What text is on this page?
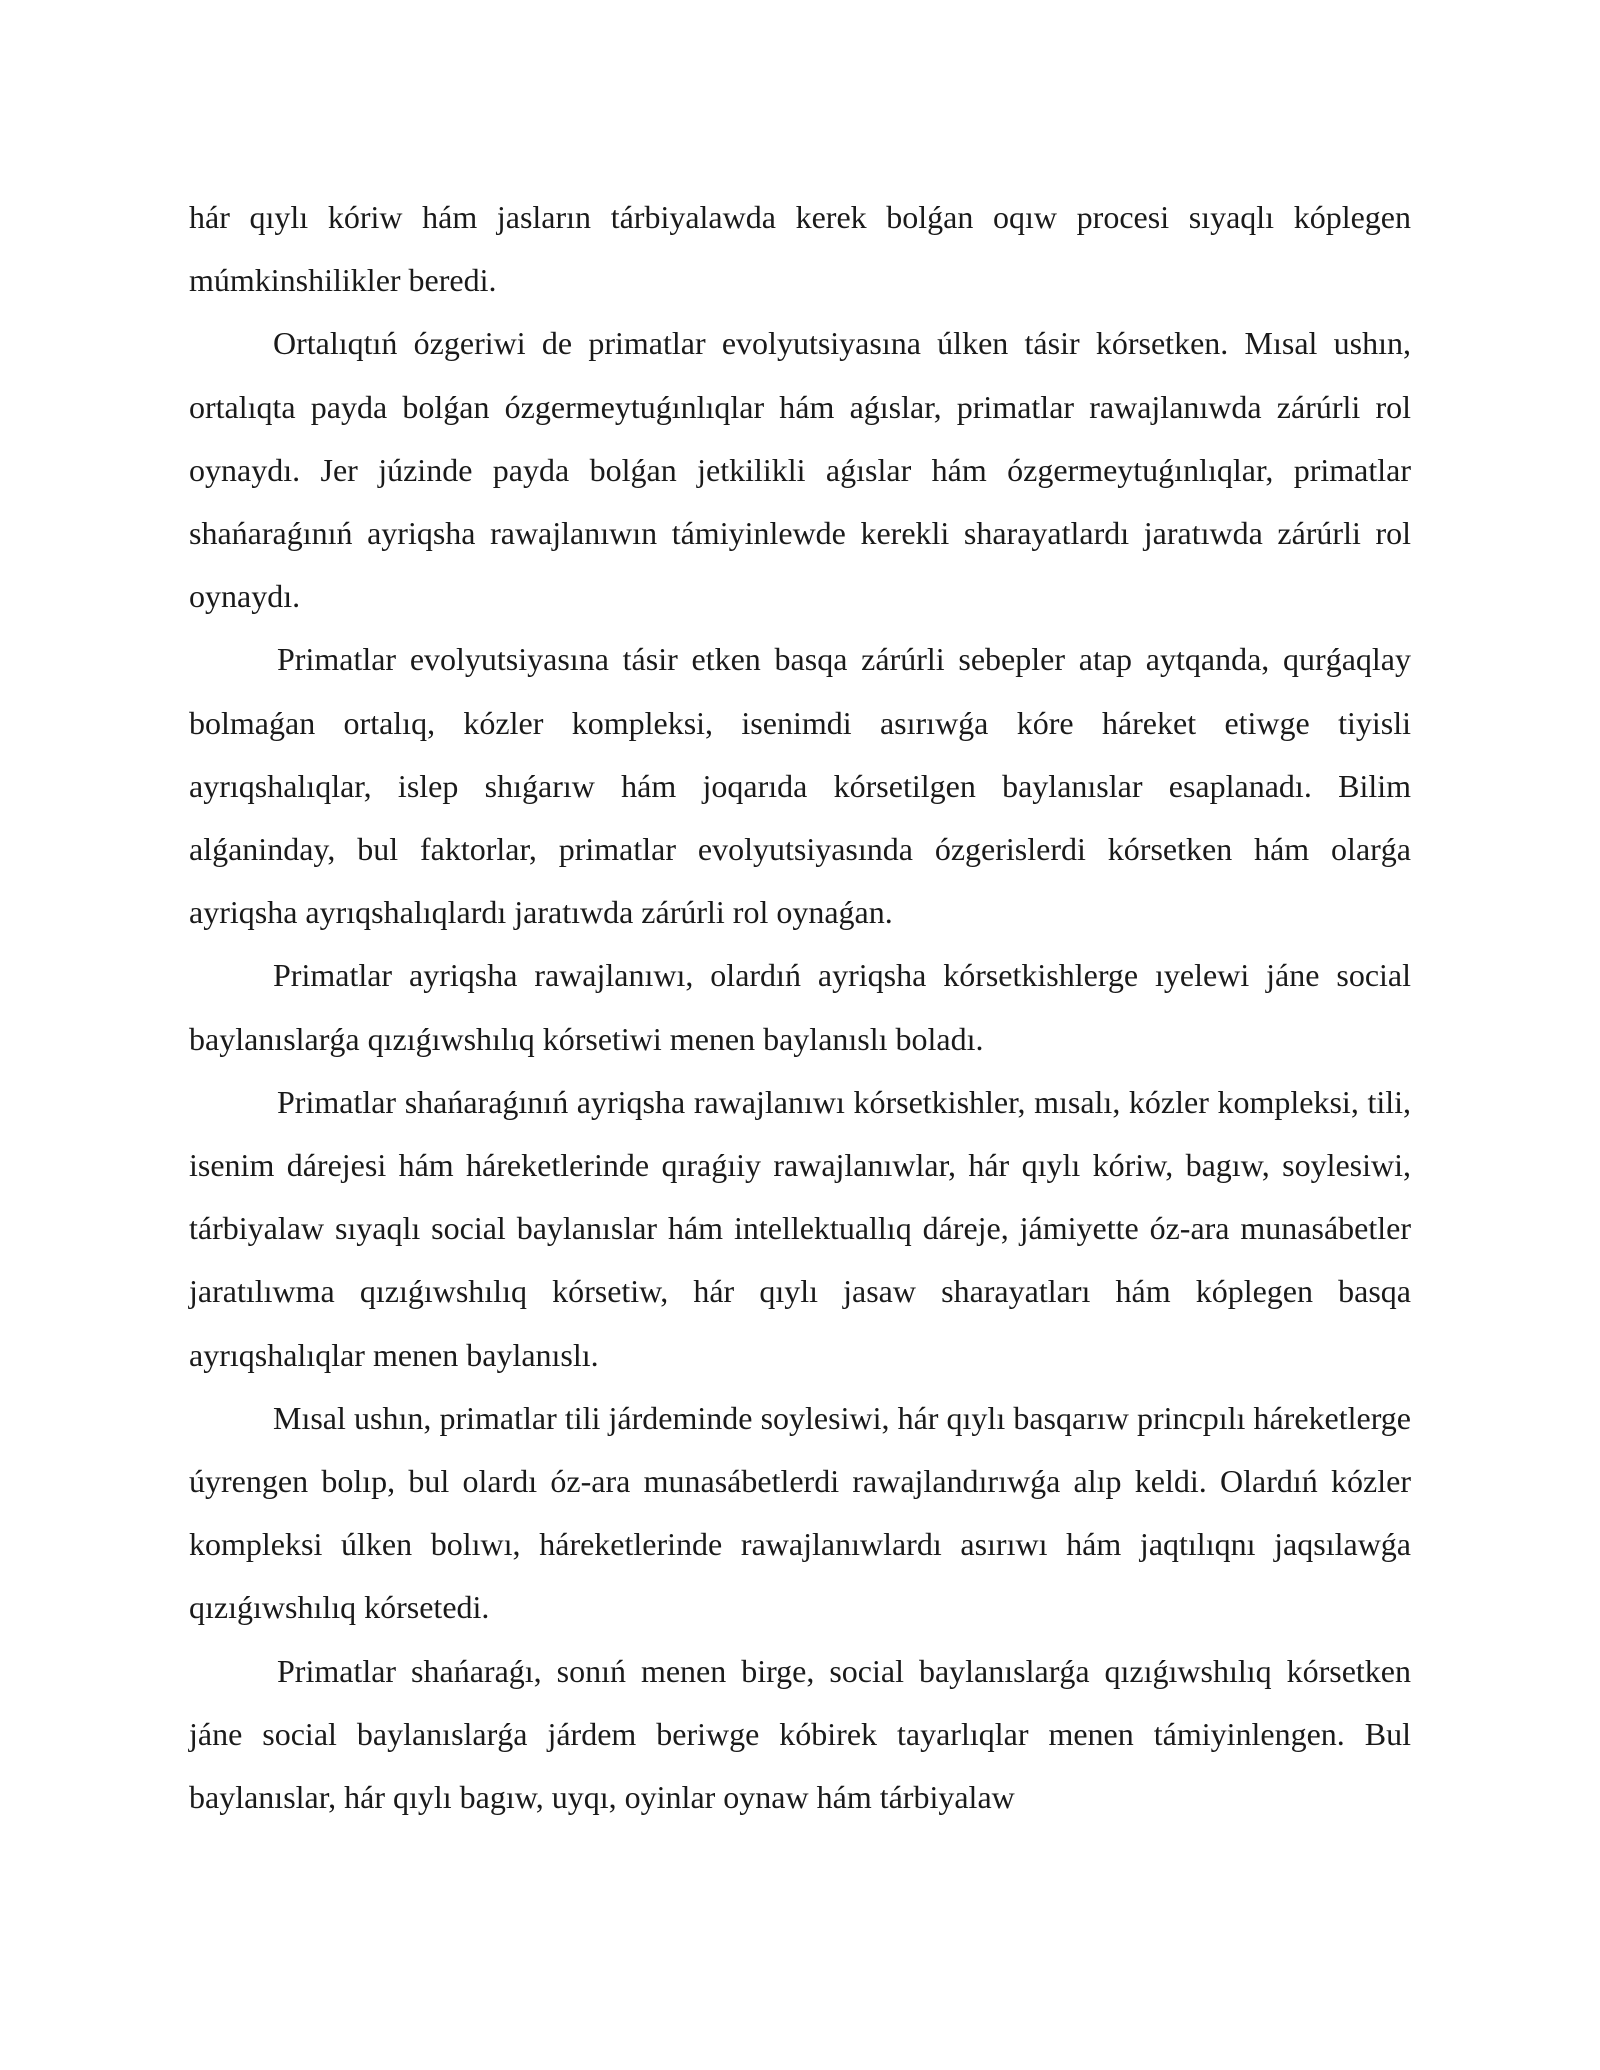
hár qıylı kóriw hám jasların tárbiyalawda kerek bolǵan oqıw procesi sıyaqlı kóplegen múmkinshilikler beredi.

Ortalıqtıń ózgeriwi de primatlar evolyutsiyasına úlken tásir kórsetken. Mısal ushın, ortalıqta payda bolǵan ózgermeytuǵınlıqlar hám aǵıslar, primatlar rawajlanıwda zárúrli rol oynaydı. Jer júzinde payda bolǵan jetkilikli aǵıslar hám ózgermeytuǵınlıqlar, primatlar shańaraǵınıń ayriqsha rawajlanıwın támiyinlewde kerekli sharayatlardı jaratıwda zárúrli rol oynaydı.

Primatlar evolyutsiyasına tásir etken basqa zárúrli sebepler atap aytqanda, qurǵaqlay bolmaǵan ortalıq, kózler kompleksi, isenimdi asırıwǵa kóre háreket etiwge tiyisli ayrıqshalıqlar, islep shıǵarıw hám joqarıda kórsetilgen baylanıslar esaplanadı. Bilim alǵaninday, bul faktorlar, primatlar evolyutsiyasında ózgerislerdi kórsetken hám olarǵa ayriqsha ayrıqshalıqlardı jaratıwda zárúrli rol oynaǵan.

Primatlar ayriqsha rawajlanıwı, olardıń ayriqsha kórsetkishlerge ıyelewi jáne social baylanıslarǵa qızıǵıwshılıq kórsetiwi menen baylanıslı boladı.

Primatlar shańaraǵınıń ayriqsha rawajlanıwı kórsetkishler, mısalı, kózler kompleksi, tili, isenim dárejesi hám háreketlerinde qıraǵıiy rawajlanıwlar, hár qıylı kóriw, bagıw, soylesiwi, tárbiyalaw sıyaqlı social baylanıslar hám intellektuallıq dáreje, jámiyette óz-ara munasábetler jaratılıwma qızıǵıwshılıq kórsetiw, hár qıylı jasaw sharayatları hám kóplegen basqa ayrıqshalıqlar menen baylanıslı.

Mısal ushın, primatlar tili járdeminde soylesiwi, hár qıylı basqarıw princpılı háreketlerge úyrengen bolıp, bul olardı óz-ara munasábetlerdi rawajlandırıwǵa alıp keldi. Olardıń kózler kompleksi úlken bolıwı, háreketlerinde rawajlanıwlardı asırıwı hám jaqtılıqnı jaqsılawǵa qızıǵıwshılıq kórsetedi.

Primatlar shańaraǵı, sonıń menen birge, social baylanıslarǵa qızıǵıwshılıq kórsetken jáne social baylanıslarǵa járdem beriwge kóbirek tayarlıqlar menen támiyinlengen. Bul baylanıslar, hár qıylı bagıw, uyqı, oyinlar oynaw hám tárbiyalaw
